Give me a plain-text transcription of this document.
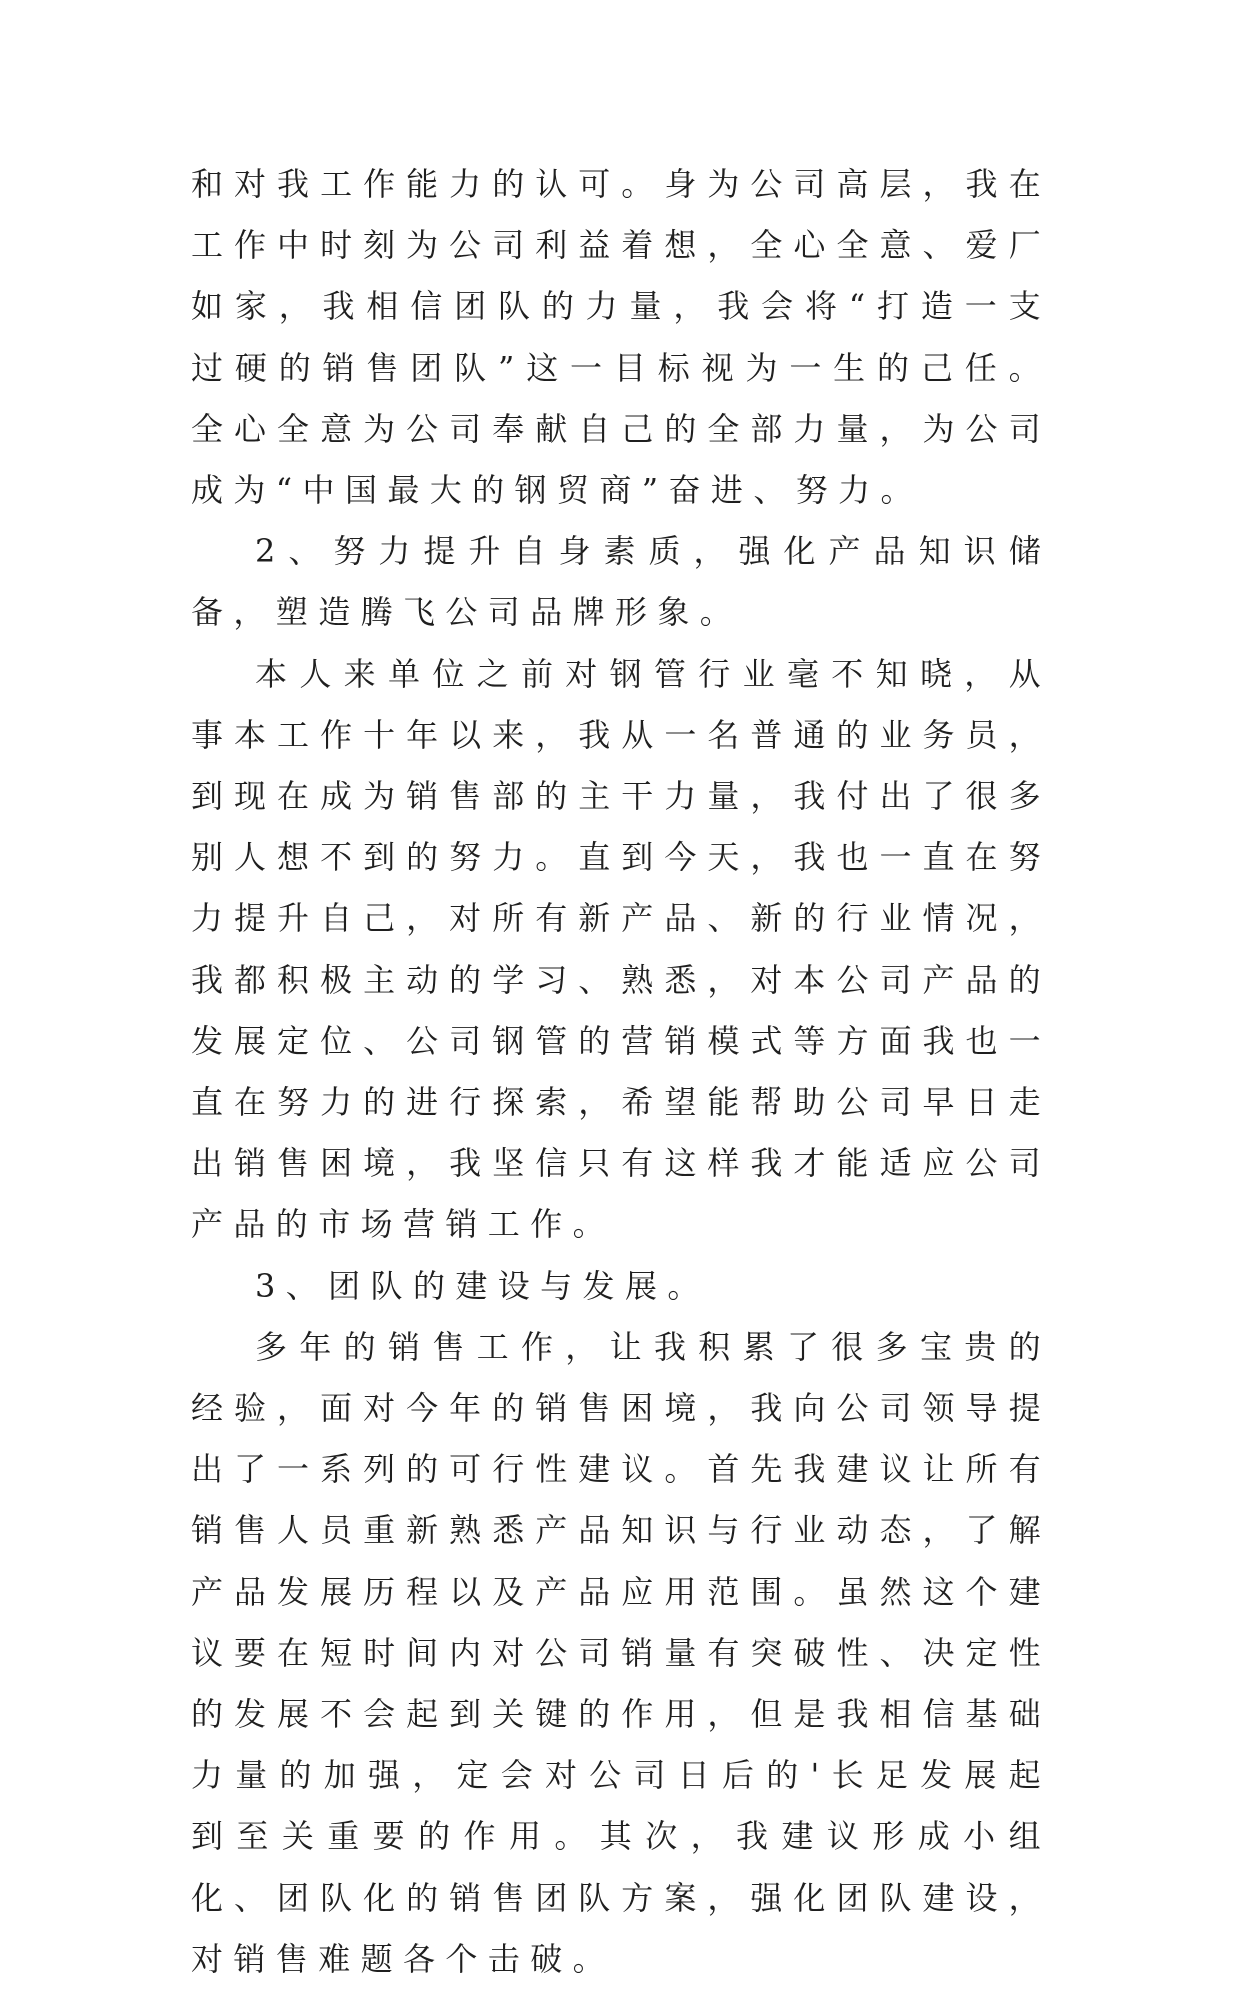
和对我工作能力的认可。身为公司高层，我在工作中时刻为公司利益着想，全心全意、爱厂如家，我相信团队的力量，我会将“打造一支过硬的销售团队”这一目标视为一生的己任。全心全意为公司奉献自己的全部力量，为公司成为“中国最大的钢贸商”奋进、努力。

2、努力提升自身素质，强化产品知识储备，塑造腾飞公司品牌形象。

本人来单位之前对钢管行业毫不知晓，从事本工作十年以来，我从一名普通的业务员，到现在成为销售部的主干力量，我付出了很多别人想不到的努力。直到今天，我也一直在努力提升自己，对所有新产品、新的行业情况，我都积极主动的学习、熟悉，对本公司产品的发展定位、公司钢管的营销模式等方面我也一直在努力的进行探索，希望能帮助公司早日走出销售困境，我坚信只有这样我才能适应公司产品的市场营销工作。

3、团队的建设与发展。

多年的销售工作，让我积累了很多宝贵的经验，面对今年的销售困境，我向公司领导提出了一系列的可行性建议。首先我建议让所有销售人员重新熟悉产品知识与行业动态，了解产品发展历程以及产品应用范围。虽然这个建议要在短时间内对公司销量有突破性、决定性的发展不会起到关键的作用，但是我相信基础力量的加强，定会对公司日后的'长足发展起到至关重要的作用。其次，我建议形成小组化、团队化的销售团队方案，强化团队建设，对销售难题各个击破。
